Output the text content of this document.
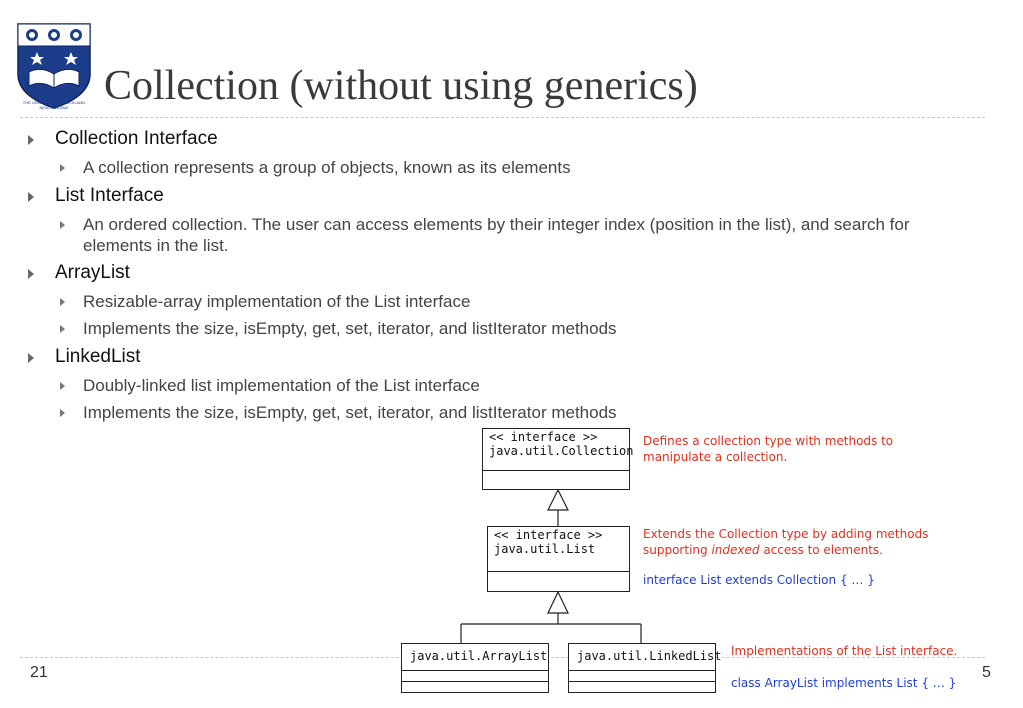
THE UNIVERSITY OF AUCKLAND
NEW ZEALAND Collection (without using generics)
Collection Interface
A collection represents a group of objects, known as its elements
List Interface
An ordered collection. The user can access elements by their integer index (position in the list), and search for elements in the list.
ArrayList
Resizable-array implementation of the List interface
Implements the size, isEmpty, get, set, iterator, and listIterator methods
LinkedList
Doubly-linked list implementation of the List interface
Implements the size, isEmpty, get, set, iterator, and listIterator methods
21	5
<< interface >>
java.util.Collection
<< interface >>
java.util.List
java.util.ArrayList java.util.LinkedList
Defines a collection type with methods to
manipulate a collection.
Extends the Collection type by adding methods
supporting indexed access to elements.
interface List extends Collection { … }
Implementations of the List interface.
class ArrayList implements List { … }
